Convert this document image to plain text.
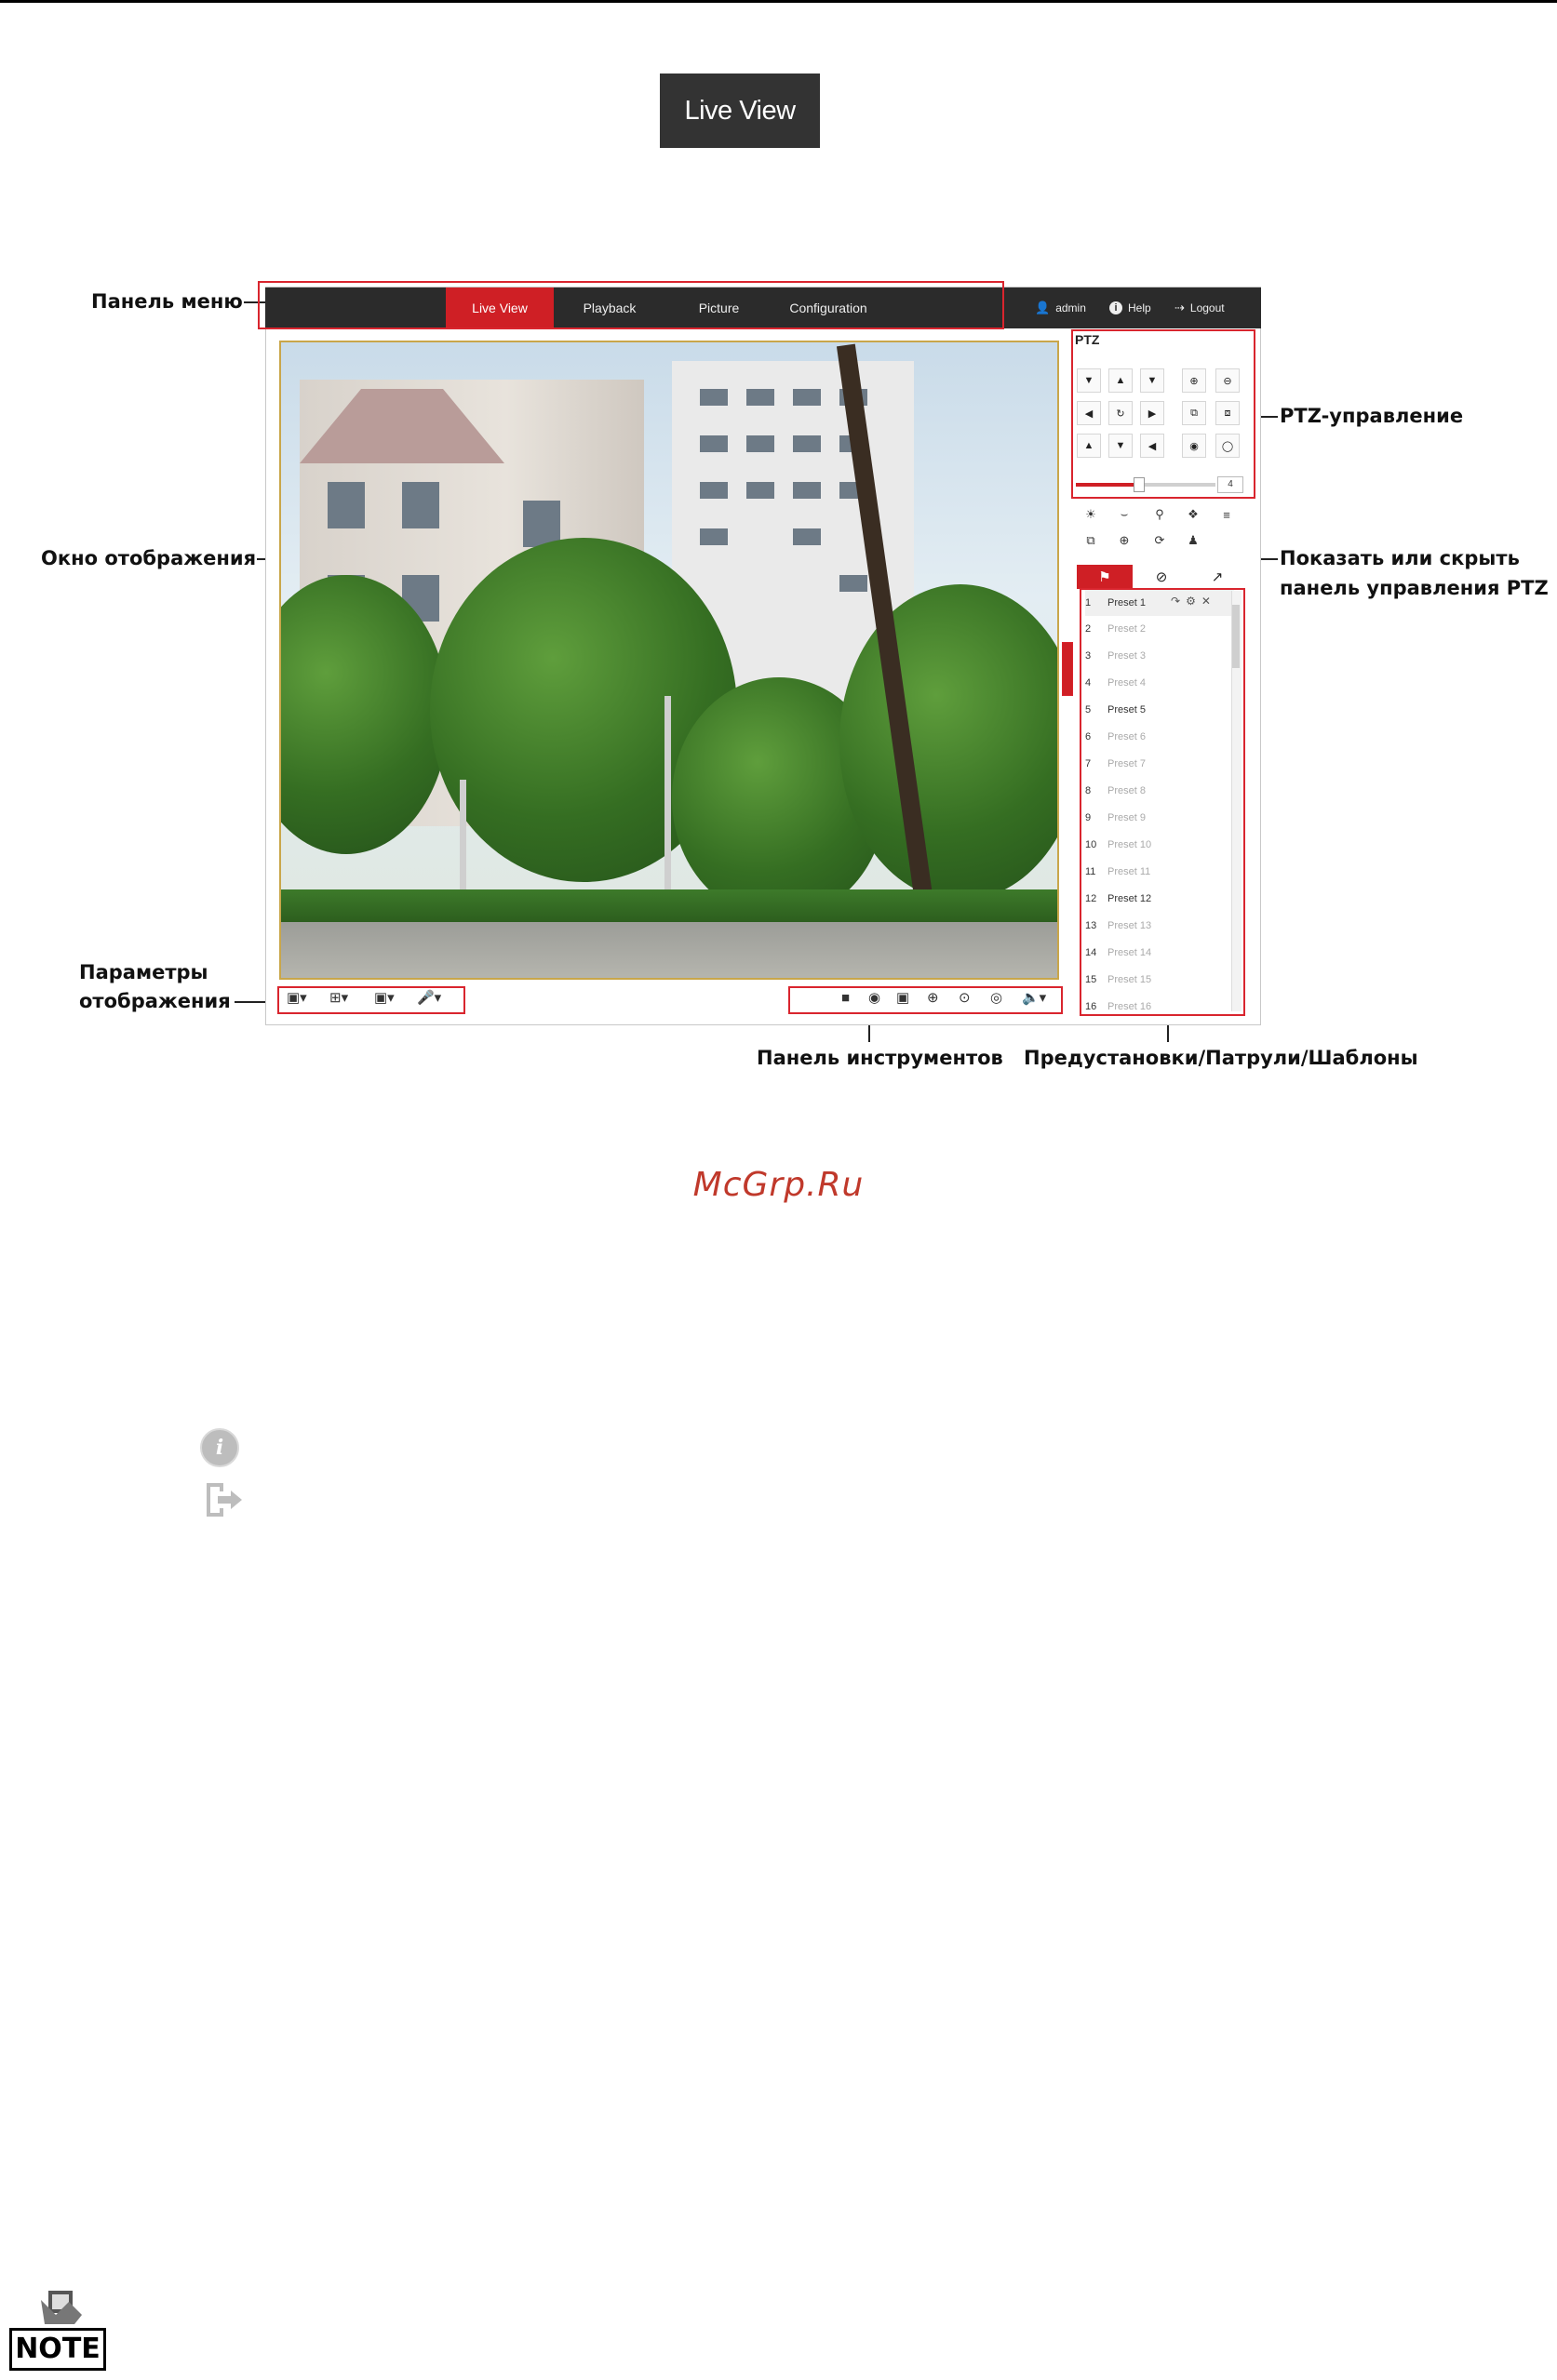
Live View
Панель меню
Окно отображения
Параметры
отображения
PTZ-управление
Показать или скрыть
панель управления PTZ
Панель инструментов Предустановки/Патрули/Шаблоны
Live View	Playback	Picture	Configuration	👤 admin	i Help ⇢ Logout
▣▾ ⊞▾ ▣▾ 🎤▾	■ ◉ ▣ ⊕ ⊙ ◎ 🔈▾
PTZ
▼	▲	▼
◀	↻	▶
▲	▼	◀
⊕	⊖
⧉	⧈
◉	◯
4
☀	⌣	⚲	❖	≡
⧉	⊕	⟳	♟
⚑	⊘	↗
1	Preset 1
2	Preset 2
3	Preset 3
4	Preset 4
5	Preset 5
6	Preset 6
7	Preset 7
8	Preset 8
9	Preset 9
10	Preset 10
11	Preset 11
12	Preset 12
13	Preset 13
14	Preset 14
15	Preset 15
16	Preset 16
↷⚙✕
McGrp.Ru
i
NOTE
